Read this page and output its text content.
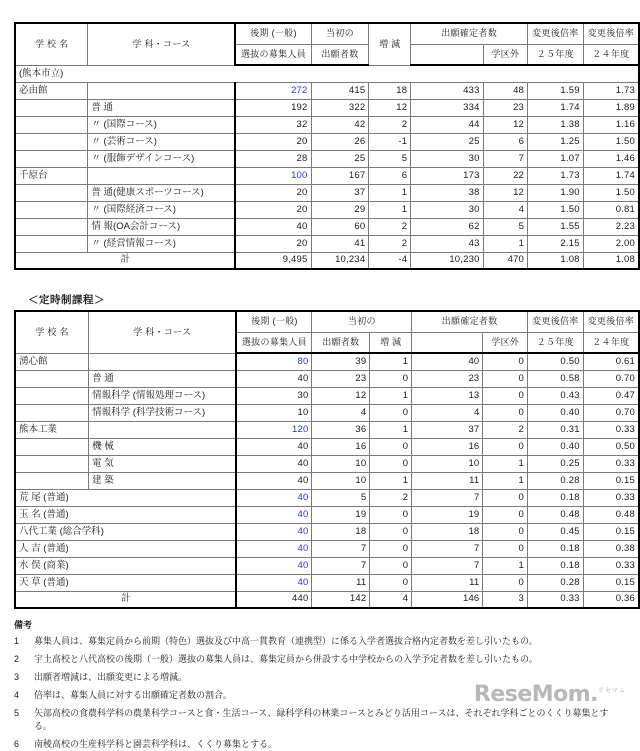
学 校 名	学 科・コース	後期 (一般)	当初の	増 減	出願確定者数		変更後倍率	変更後倍率
		選抜の募集人員	出願者数			学区外	２５年度	２４年度
(熊本市立)								
必由館		272	415	18	433	48	1.59	1.73
	普 通	192	322	12	334	23	1.74	1.89
	〃 (国際コース)	32	42	2	44	12	1.38	1.16
	〃 (芸術コース)	20	26	-1	25	6	1.25	1.50
	〃 (服飾デザインコース)	28	25	5	30	7	1.07	1.46
千原台		100	167	6	173	22	1.73	1.74
	普 通(健康スポーツコース)	20	37	1	38	12	1.90	1.50
	〃 (国際経済コース)	20	29	1	30	4	1.50	0.81
	情 報(OA会計コース)	40	60	2	62	5	1.55	2.23
	〃 (経営情報コース)	20	41	2	43	1	2.15	2.00
計		9,495	10,234	-4	10,230	470	1.08	1.08
＜定時制課程＞
学 校 名	学 科・コース	後期 (一般)	当初の		出願確定者数		変更後倍率	変更後倍率
		選抜の募集人員	出願者数	増 減		学区外	２５年度	２４年度
湧心館		80	39	1	40	0	0.50	0.61
	普 通	40	23	0	23	0	0.58	0.70
	情報科学 (情報処理コース)	30	12	1	13	0	0.43	0.47
	情報科学 (科学技術コース)	10	4	0	4	0	0.40	0.70
熊本工業		120	36	1	37	2	0.31	0.33
	機 械	40	16	0	16	0	0.40	0.50
	電 気	40	10	0	10	1	0.25	0.33
	建 築	40	10	1	11	1	0.28	0.15
荒 尾 (普通)		40	5	2	7	0	0.18	0.33
玉 名 (普通)		40	19	0	19	0	0.48	0.48
八代工業 (総合学科)		40	18	0	18	0	0.45	0.15
人 吉 (普通)		40	7	0	7	0	0.18	0.38
水 俣 (商業)		40	7	0	7	1	0.18	0.33
天 草 (普通)		40	11	0	11	0	0.28	0.15
計		440	142	4	146	3	0.33	0.36
備考
1	募集人員は、募集定員から前期（特色）選抜及び中高一貫教育（連携型）に係る入学者選抜合格内定者数を差し引いたもの。
2	宇土高校と八代高校の後期（一般）選抜の募集人員は、募集定員から併設する中学校からの入学予定者数を差し引いたもの。
3	出願者増減は、出願変更による増減。
4	倍率は、募集人員に対する出願確定者数の割合。
5	矢部高校の食農科学科の農業科学コースと食・生活コース、緑科学科の林業コースとみどり活用コースは、それぞれ学科ごとのくくり募集とする。
6	南稜高校の生産科学科と園芸科学科は、くくり募集とする。
ReseMom.$^{リセマム}$
